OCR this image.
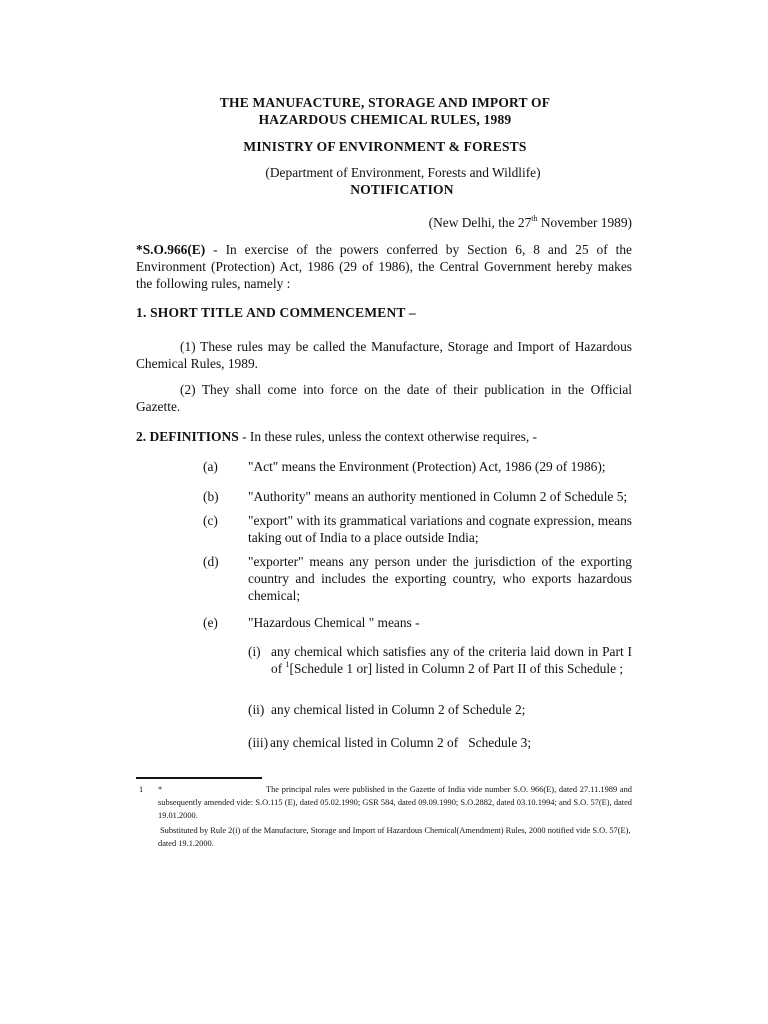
THE MANUFACTURE, STORAGE AND IMPORT OF
HAZARDOUS CHEMICAL RULES, 1989
MINISTRY OF ENVIRONMENT & FORESTS
(Department of Environment, Forests and Wildlife)
NOTIFICATION
(New Delhi, the 27th November 1989)
*S.O.966(E) - In exercise of the powers conferred by Section 6, 8 and 25 of the Environment (Protection) Act, 1986 (29 of 1986), the Central Government hereby makes the following rules, namely :
1. SHORT TITLE AND COMMENCEMENT –
(1) These rules may be called the Manufacture, Storage and Import of Hazardous Chemical Rules, 1989.
(2) They shall come into force on the date of their publication in the Official Gazette.
2. DEFINITIONS - In these rules, unless the context otherwise requires, -
(a) "Act" means the Environment (Protection) Act, 1986 (29 of 1986);
(b) "Authority" means an authority mentioned in Column 2 of Schedule 5;
(c) "export" with its grammatical variations and cognate expression, means taking out of India to a place outside India;
(d) "exporter" means any person under the jurisdiction of the exporting country and includes the exporting country, who exports hazardous chemical;
(e) "Hazardous Chemical " means -
(i) any chemical which satisfies any of the criteria laid down in Part I of $^1$[Schedule 1 or] listed in Column 2 of Part II of this Schedule ;
(ii) any chemical listed in Column 2 of Schedule 2;
(iii) any chemical listed in Column 2 of   Schedule 3;
1 *	The principal rules were published in the Gazette of India vide number S.O. 966(E), dated 27.11.1989 and subsequently amended vide: S.O.115 (E), dated 05.02.1990; GSR 584, dated 09.09.1990; S.O.2882, dated 03.10.1994; and S.O. 57(E), dated 19.01.2000.
Substituted by Rule 2(i) of the Manufacture, Storage and Import of Hazardous Chemical(Amendment) Rules, 2000 notified vide S.O. 57(E), dated 19.1.2000.
